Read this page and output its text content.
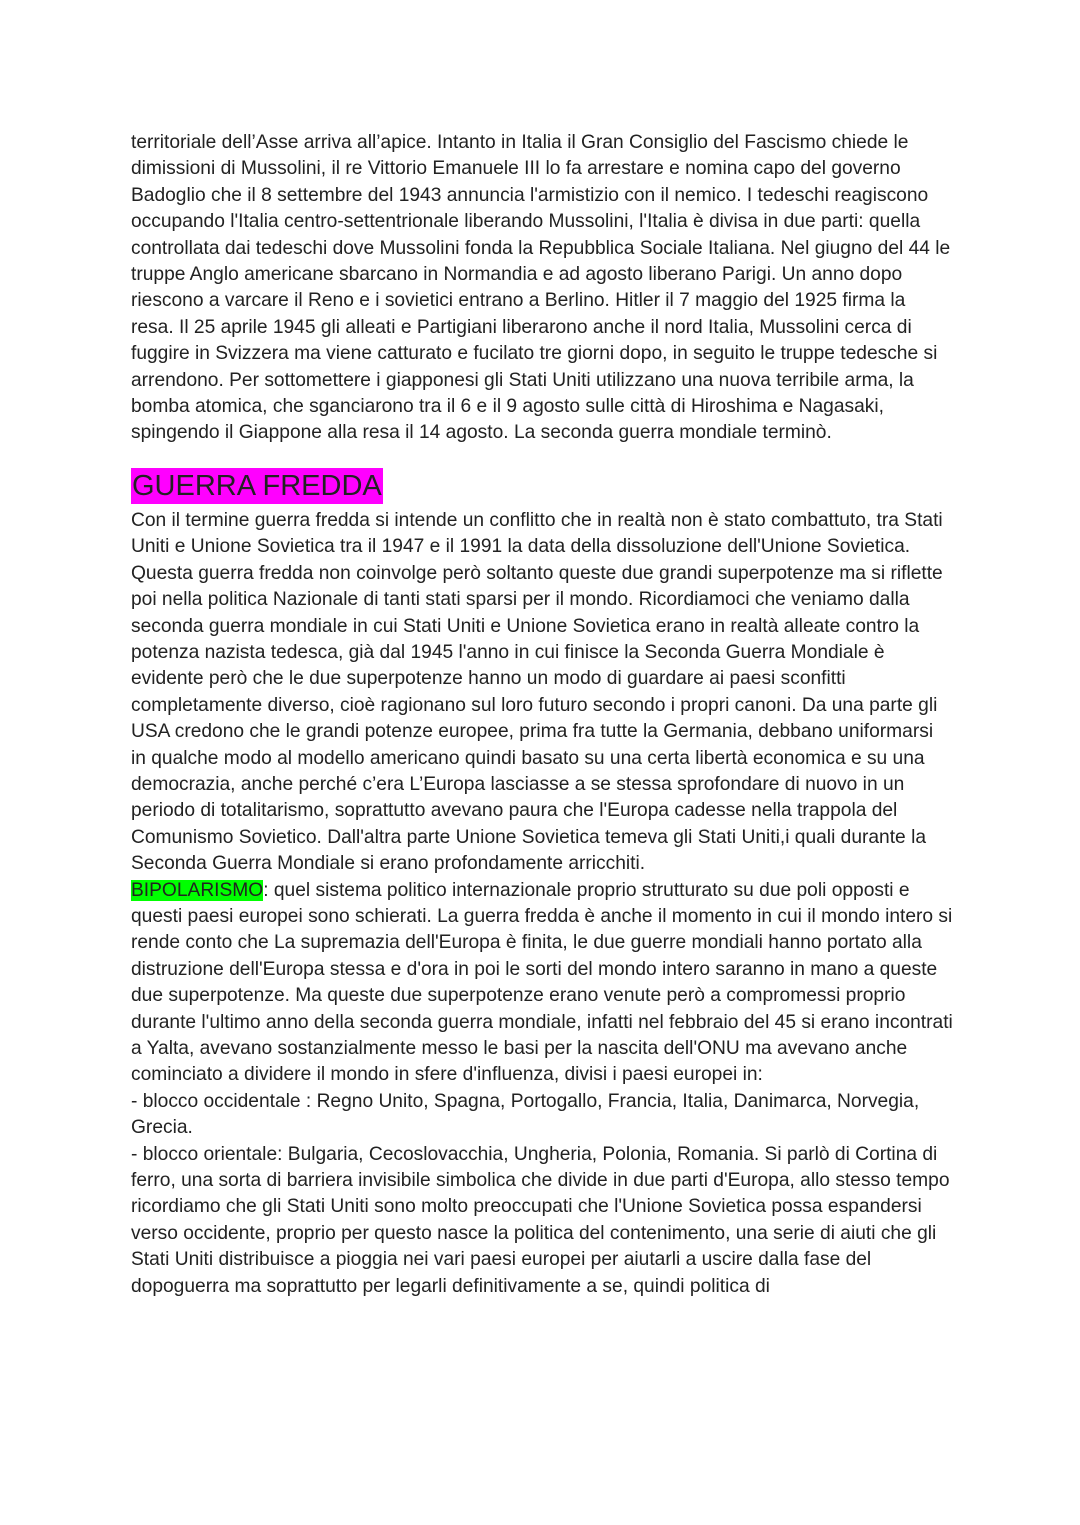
territoriale dell’Asse arriva all’apice. Intanto in Italia il Gran Consiglio del Fascismo chiede le dimissioni di Mussolini, il re Vittorio Emanuele III lo fa arrestare e nomina capo del governo Badoglio che il 8 settembre del 1943 annuncia l'armistizio con il nemico. I tedeschi reagiscono occupando l'Italia centro-settentrionale liberando Mussolini, l'Italia è divisa in due parti: quella controllata dai tedeschi dove Mussolini fonda la Repubblica Sociale Italiana. Nel giugno del 44 le truppe Anglo americane sbarcano in Normandia e ad agosto liberano Parigi. Un anno dopo riescono a varcare il Reno e i sovietici entrano a Berlino. Hitler il 7 maggio del 1925 firma la resa. Il 25 aprile 1945 gli alleati e Partigiani liberarono anche il nord Italia, Mussolini cerca di fuggire in Svizzera ma viene catturato e fucilato tre giorni dopo, in seguito le truppe tedesche si arrendono. Per sottomettere i giapponesi gli Stati Uniti utilizzano una nuova terribile arma, la bomba atomica, che sganciarono tra il 6 e il 9 agosto sulle città di Hiroshima e Nagasaki, spingendo il Giappone alla resa il 14 agosto. La seconda guerra mondiale terminò.

GUERRA FREDDA

Con il termine guerra fredda si intende un conflitto che in realtà non è stato combattuto, tra Stati Uniti e Unione Sovietica tra il 1947 e il 1991 la data della dissoluzione dell'Unione Sovietica. Questa guerra fredda non coinvolge però soltanto queste due grandi superpotenze ma si riflette poi nella politica Nazionale di tanti stati sparsi per il mondo. Ricordiamoci che veniamo dalla seconda guerra mondiale in cui Stati Uniti e Unione Sovietica erano in realtà alleate contro la potenza nazista tedesca, già dal 1945 l'anno in cui finisce la Seconda Guerra Mondiale è evidente però che le due superpotenze hanno un modo di guardare ai paesi sconfitti completamente diverso, cioè ragionano sul loro futuro secondo i propri canoni. Da una parte gli USA credono che le grandi potenze europee, prima fra tutte la Germania, debbano uniformarsi in qualche modo al modello americano quindi basato su una certa libertà economica e su una democrazia, anche perché c’era L’Europa lasciasse a se stessa sprofondare di nuovo in un periodo di totalitarismo, soprattutto avevano paura che l'Europa cadesse nella trappola del Comunismo Sovietico. Dall'altra parte Unione Sovietica temeva gli Stati Uniti,i quali durante la Seconda Guerra Mondiale si erano profondamente arricchiti.

BIPOLARISMO: quel sistema politico internazionale proprio strutturato su due poli opposti e questi paesi europei sono schierati. La guerra fredda è anche il momento in cui il mondo intero si rende conto che La supremazia dell'Europa è finita, le due guerre mondiali hanno portato alla distruzione dell'Europa stessa e d'ora in poi le sorti del mondo intero saranno in mano a queste due superpotenze. Ma queste due superpotenze erano venute però a compromessi proprio durante l'ultimo anno della seconda guerra mondiale, infatti nel febbraio del 45 si erano incontrati a Yalta, avevano sostanzialmente messo le basi per la nascita dell'ONU ma avevano anche cominciato a dividere il mondo in sfere d'influenza, divisi i paesi europei in:

- blocco occidentale : Regno Unito, Spagna, Portogallo, Francia, Italia, Danimarca, Norvegia, Grecia.

- blocco orientale: Bulgaria, Cecoslovacchia, Ungheria, Polonia, Romania. Si parlò di Cortina di ferro, una sorta di barriera invisibile simbolica che divide in due parti d'Europa, allo stesso tempo ricordiamo che gli Stati Uniti sono molto preoccupati che l'Unione Sovietica possa espandersi verso occidente, proprio per questo nasce la politica del contenimento, una serie di aiuti che gli Stati Uniti distribuisce a pioggia nei vari paesi europei per aiutarli a uscire dalla fase del dopoguerra ma soprattutto per legarli definitivamente a se, quindi politica di
